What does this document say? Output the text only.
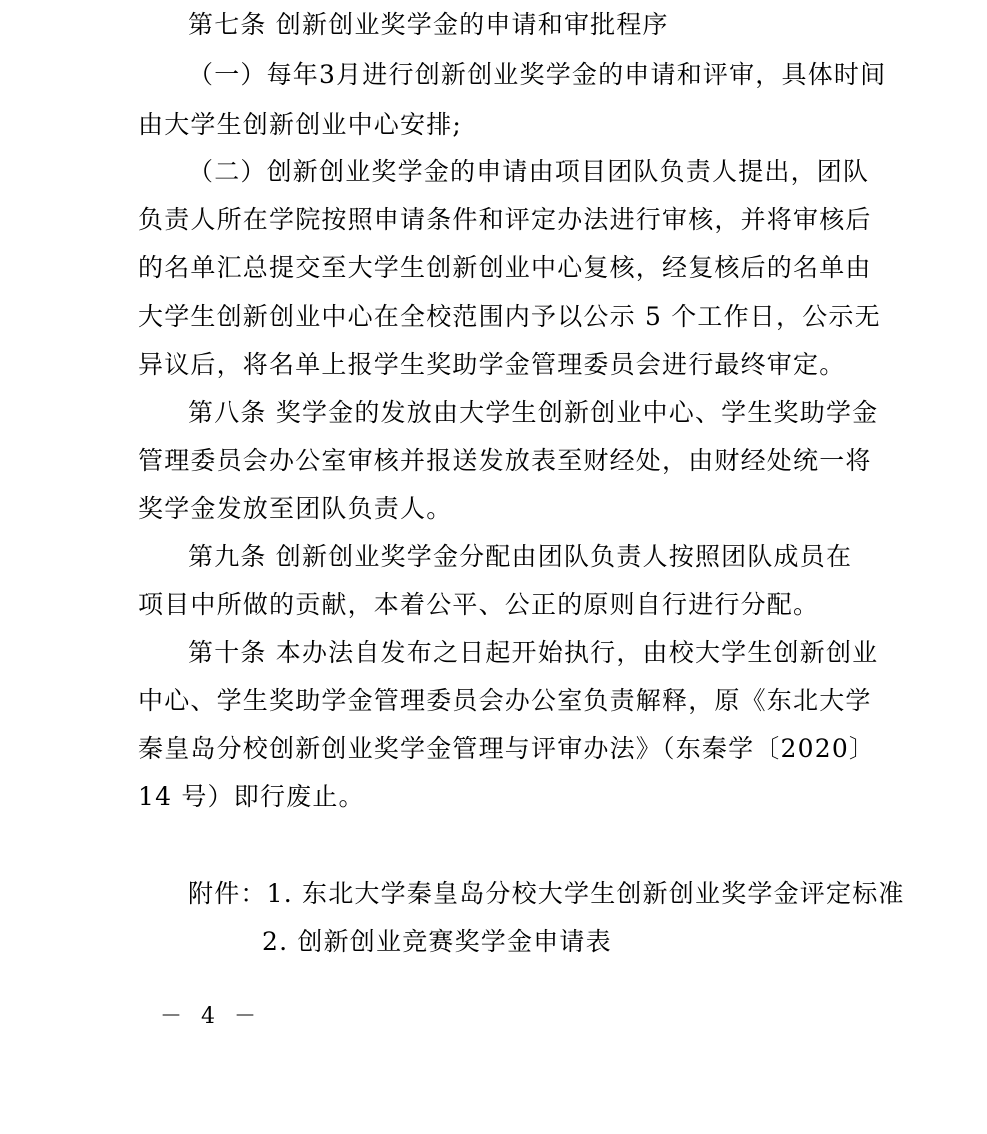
第七条 创新创业奖学金的申请和审批程序
（一）每年3月进行创新创业奖学金的申请和评审，具体时间
由大学生创新创业中心安排;
（二）创新创业奖学金的申请由项目团队负责人提出，团队
负责人所在学院按照申请条件和评定办法进行审核，并将审核后
的名单汇总提交至大学生创新创业中心复核，经复核后的名单由
大学生创新创业中心在全校范围内予以公示 5 个工作日，公示无
异议后，将名单上报学生奖助学金管理委员会进行最终审定。
第八条 奖学金的发放由大学生创新创业中心、学生奖助学金
管理委员会办公室审核并报送发放表至财经处，由财经处统一将
奖学金发放至团队负责人。
第九条 创新创业奖学金分配由团队负责人按照团队成员在
项目中所做的贡献，本着公平、公正的原则自行进行分配。
第十条 本办法自发布之日起开始执行，由校大学生创新创业
中心、学生奖助学金管理委员会办公室负责解释，原《东北大学
秦皇岛分校创新创业奖学金管理与评审办法》（东秦学〔2020〕
14 号）即行废止。
附件：1. 东北大学秦皇岛分校大学生创新创业奖学金评定标准
2. 创新创业竞赛奖学金申请表
－ 4 －
